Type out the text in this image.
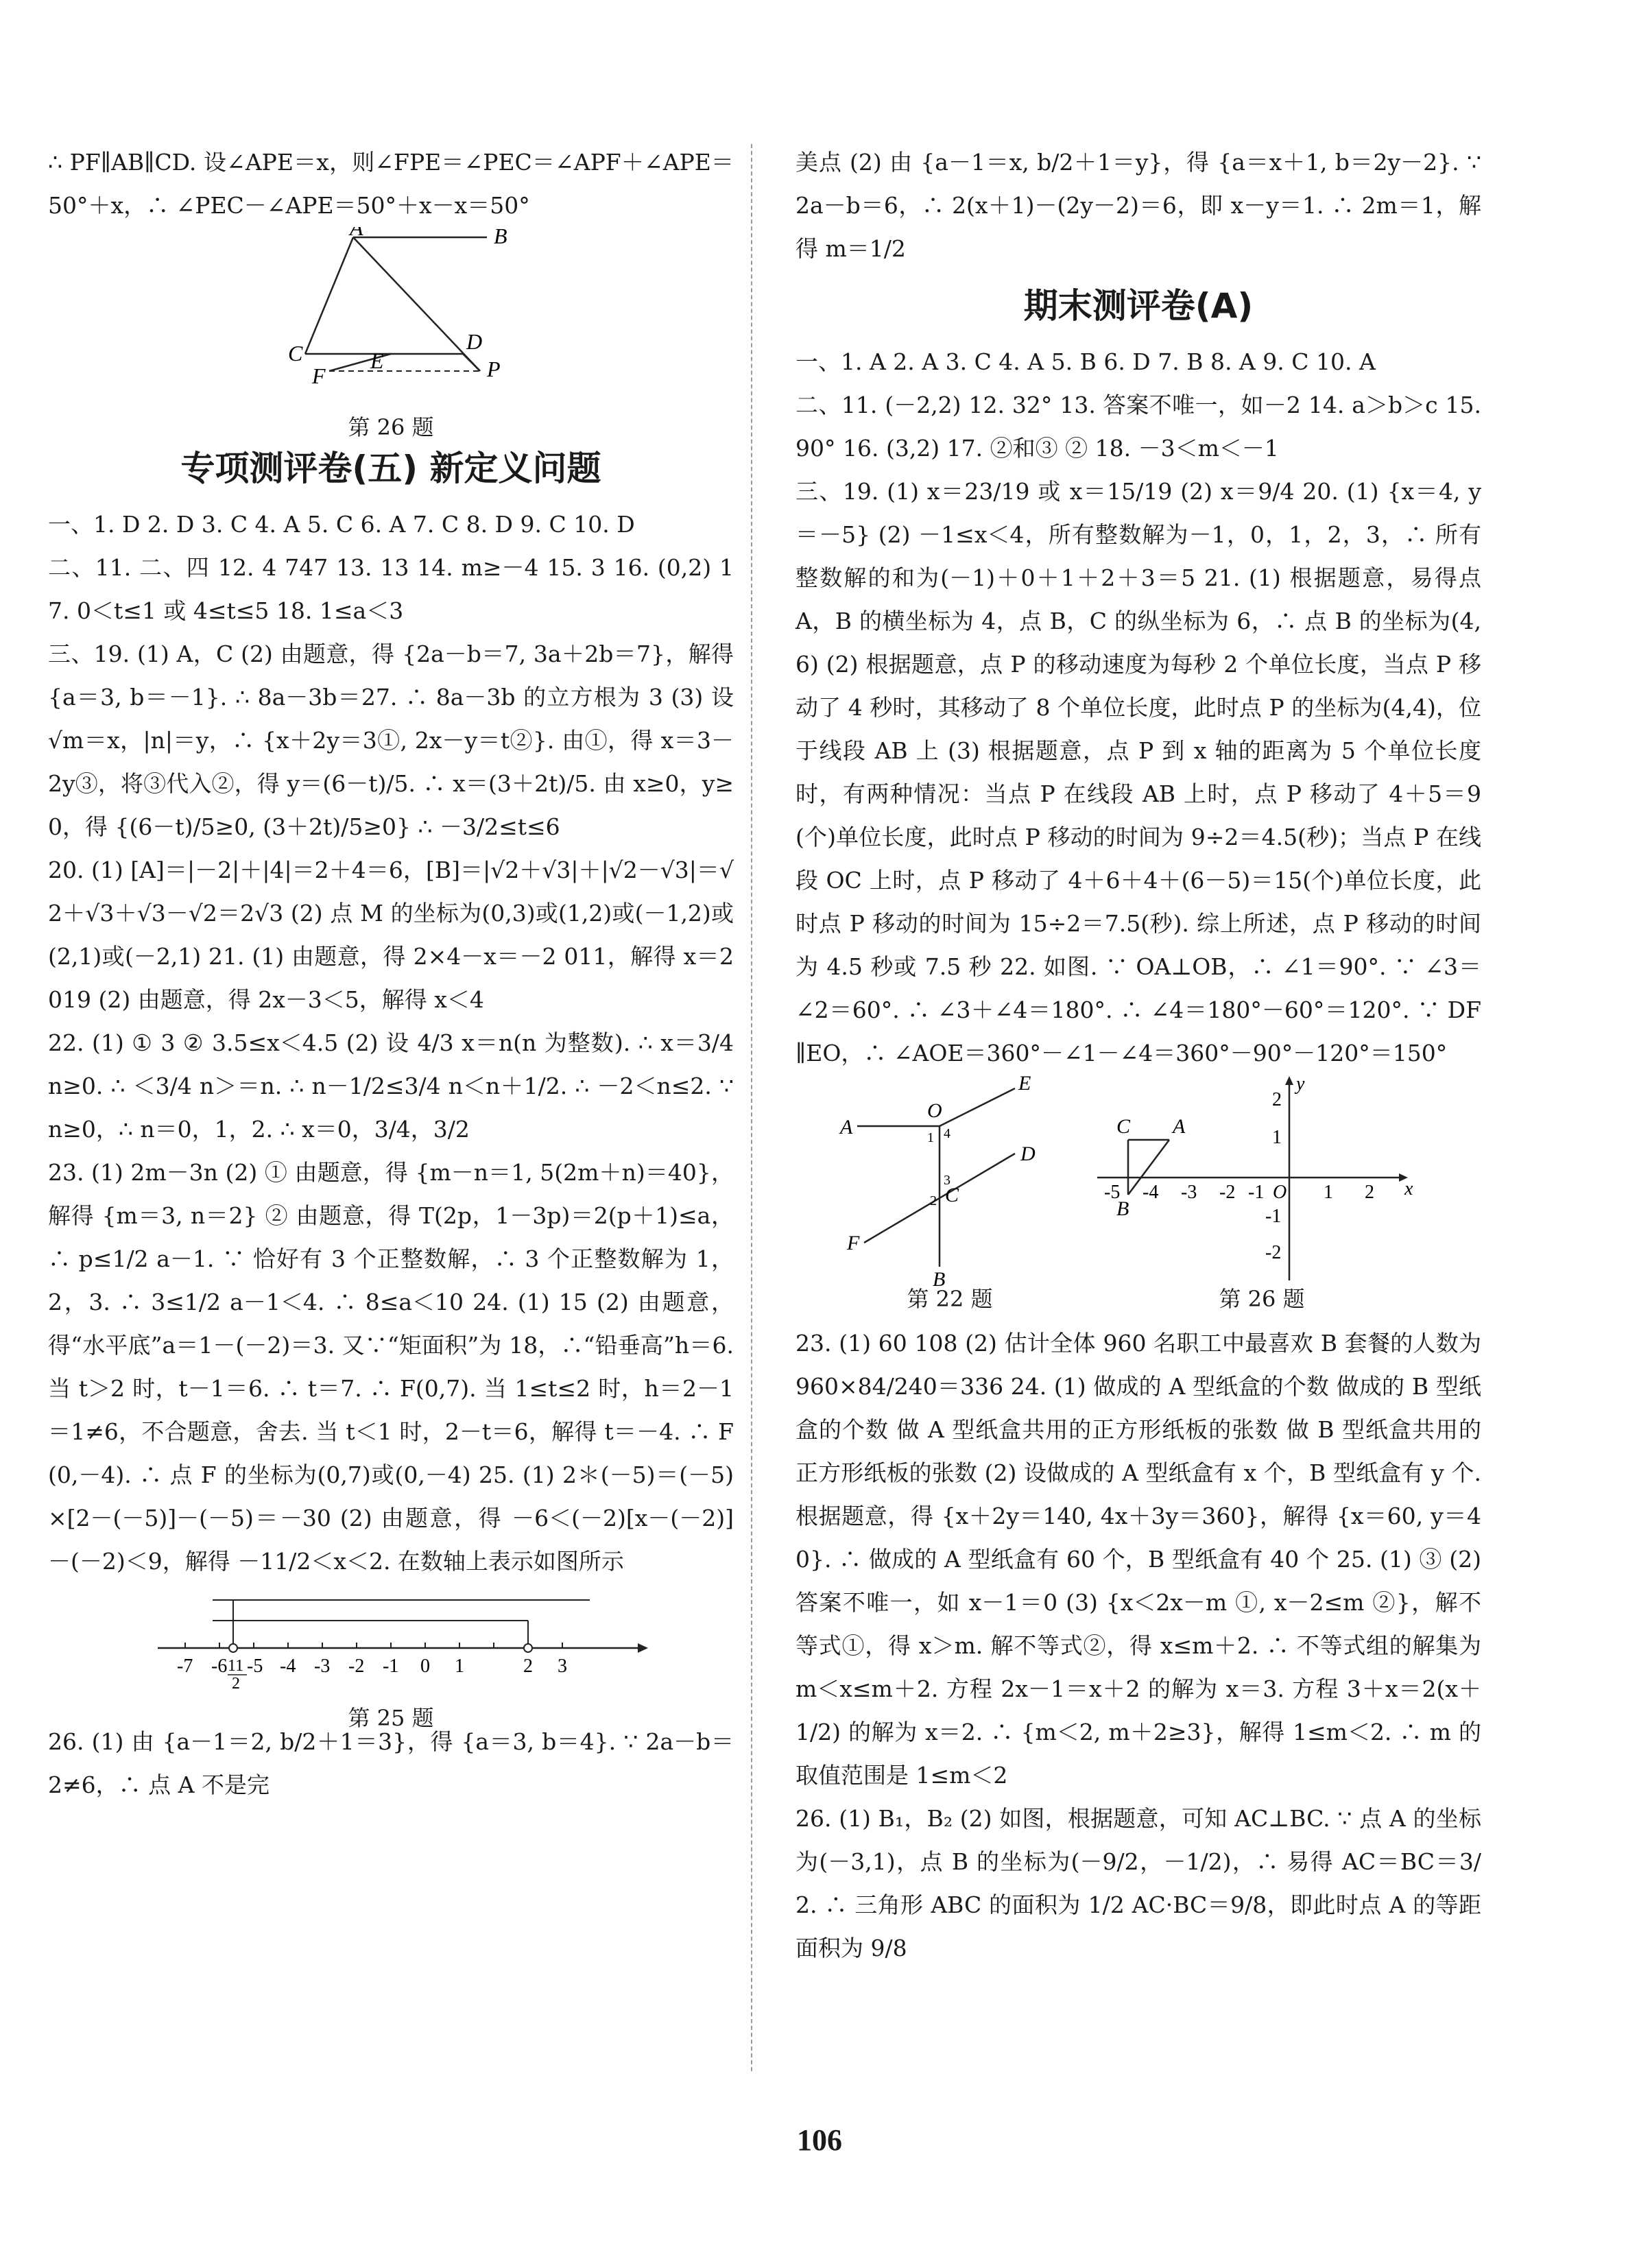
∴ PF∥AB∥CD. 设∠APE＝x，则∠FPE＝∠PEC＝∠APF＋∠APE＝50°＋x，∴ ∠PEC－∠APE＝50°＋x－x＝50°

A	B
C	D
F
E	P
第 26 题
专项测评卷(五) 新定义问题

一、1. D 2. D 3. C 4. A 5. C 6. A 7. C 8. D 9. C 10. D

二、11. 二、四 12. 4 747 13. 13 14. m≥－4 15. 3 16. (0,2) 17. 0＜t≤1 或 4≤t≤5 18. 1≤a＜3

三、19. (1) A，C (2) 由题意，得 {2a－b＝7, 3a＋2b＝7}，解得 {a＝3, b＝－1}. ∴ 8a－3b＝27. ∴ 8a－3b 的立方根为 3 (3) 设 √m＝x，|n|＝y，∴ {x＋2y＝3①, 2x－y＝t②}. 由①，得 x＝3－2y③，将③代入②，得 y＝(6－t)/5. ∴ x＝(3＋2t)/5. 由 x≥0，y≥0，得 {(6－t)/5≥0, (3＋2t)/5≥0} ∴ －3/2≤t≤6

20. (1) [A]＝|－2|＋|4|＝2＋4＝6，[B]＝|√2＋√3|＋|√2－√3|＝√2＋√3＋√3－√2＝2√3 (2) 点 M 的坐标为(0,3)或(1,2)或(－1,2)或(2,1)或(－2,1) 21. (1) 由题意，得 2×4－x＝－2 011，解得 x＝2 019 (2) 由题意，得 2x－3＜5，解得 x＜4

22. (1) ① 3 ② 3.5≤x＜4.5 (2) 设 4/3 x＝n(n 为整数). ∴ x＝3/4 n≥0. ∴ ＜3/4 n＞＝n. ∴ n－1/2≤3/4 n＜n＋1/2. ∴ －2＜n≤2. ∵ n≥0，∴ n＝0，1，2. ∴ x＝0，3/4，3/2

23. (1) 2m－3n (2) ① 由题意，得 {m－n＝1, 5(2m＋n)＝40}，解得 {m＝3, n＝2} ② 由题意，得 T(2p，1－3p)＝2(p＋1)≤a，∴ p≤1/2 a－1. ∵ 恰好有 3 个正整数解，∴ 3 个正整数解为 1，2，3. ∴ 3≤1/2 a－1＜4. ∴ 8≤a＜10 24. (1) 15 (2) 由题意，得“水平底”a＝1－(－2)＝3. 又∵“矩面积”为 18，∴“铅垂高”h＝6. 当 t＞2 时，t－1＝6. ∴ t＝7. ∴ F(0,7). 当 1≤t≤2 时，h＝2－1＝1≠6，不合题意，舍去. 当 t＜1 时，2－t＝6，解得 t＝－4. ∴ F(0,－4). ∴ 点 F 的坐标为(0,7)或(0,－4) 25. (1) 2＊(－5)＝(－5)×[2－(－5)]－(－5)＝－30 (2) 由题意，得 －6＜(－2)[x－(－2)]－(－2)＜9，解得 －11/2＜x＜2. 在数轴上表示如图所示

-7 -6 -5 -4 -3 -2 -1 0 1	2 3
11
2
第 25 题

26. (1) 由 {a－1＝2, b/2＋1＝3}，得 {a＝3, b＝4}. ∵ 2a－b＝2≠6，∴ 点 A 不是完

美点 (2) 由 {a－1＝x, b/2＋1＝y}，得 {a＝x＋1, b＝2y－2}. ∵ 2a－b＝6，∴ 2(x＋1)－(2y－2)＝6，即 x－y＝1. ∴ 2m＝1，解得 m＝1/2

期末测评卷(A)

一、1. A 2. A 3. C 4. A 5. B 6. D 7. B 8. A 9. C 10. A

二、11. (－2,2) 12. 32° 13. 答案不唯一，如－2 14. a＞b＞c 15. 90° 16. (3,2) 17. ②和③ ② 18. －3＜m＜－1

三、19. (1) x＝23/19 或 x＝15/19 (2) x＝9/4 20. (1) {x＝4, y＝－5} (2) －1≤x＜4，所有整数解为－1，0，1，2，3，∴ 所有整数解的和为(－1)＋0＋1＋2＋3＝5 21. (1) 根据题意，易得点 A，B 的横坐标为 4，点 B，C 的纵坐标为 6，∴ 点 B 的坐标为(4,6) (2) 根据题意，点 P 的移动速度为每秒 2 个单位长度，当点 P 移动了 4 秒时，其移动了 8 个单位长度，此时点 P 的坐标为(4,4)，位于线段 AB 上 (3) 根据题意，点 P 到 x 轴的距离为 5 个单位长度时，有两种情况：当点 P 在线段 AB 上时，点 P 移动了 4＋5＝9(个)单位长度，此时点 P 移动的时间为 9÷2＝4.5(秒)；当点 P 在线段 OC 上时，点 P 移动了 4＋6＋4＋(6－5)＝15(个)单位长度，此时点 P 移动的时间为 15÷2＝7.5(秒). 综上所述，点 P 移动的时间为 4.5 秒或 7.5 秒 22. 如图. ∵ OA⊥OB，∴ ∠1＝90°. ∵ ∠3＝∠2＝60°. ∴ ∠3＋∠4＝180°. ∴ ∠4＝180°－60°＝120°. ∵ DF∥EO，∴ ∠AOE＝360°－∠1－∠4＝360°－90°－120°＝150°

A
O
E
1 4
3
2 C
D
F
B
C A
B
y
x
O
-5 -4 -3 -2 -1	1 2
2
1
-1
-2
第 22 题	第 26 题

23. (1) 60 108 (2) 估计全体 960 名职工中最喜欢 B 套餐的人数为 960×84/240＝336 24. (1) 做成的 A 型纸盒的个数 做成的 B 型纸盒的个数 做 A 型纸盒共用的正方形纸板的张数 做 B 型纸盒共用的正方形纸板的张数 (2) 设做成的 A 型纸盒有 x 个，B 型纸盒有 y 个. 根据题意，得 {x＋2y＝140, 4x＋3y＝360}，解得 {x＝60, y＝40}. ∴ 做成的 A 型纸盒有 60 个，B 型纸盒有 40 个 25. (1) ③ (2) 答案不唯一，如 x－1＝0 (3) {x＜2x－m ①, x－2≤m ②}，解不等式①，得 x＞m. 解不等式②，得 x≤m＋2. ∴ 不等式组的解集为 m＜x≤m＋2. 方程 2x－1＝x＋2 的解为 x＝3. 方程 3＋x＝2(x＋1/2) 的解为 x＝2. ∴ {m＜2, m＋2≥3}，解得 1≤m＜2. ∴ m 的取值范围是 1≤m＜2

26. (1) B₁，B₂ (2) 如图，根据题意，可知 AC⊥BC. ∵ 点 A 的坐标为(－3,1)，点 B 的坐标为(－9/2，－1/2)，∴ 易得 AC＝BC＝3/2. ∴ 三角形 ABC 的面积为 1/2 AC·BC＝9/8，即此时点 A 的等距面积为 9/8

106
